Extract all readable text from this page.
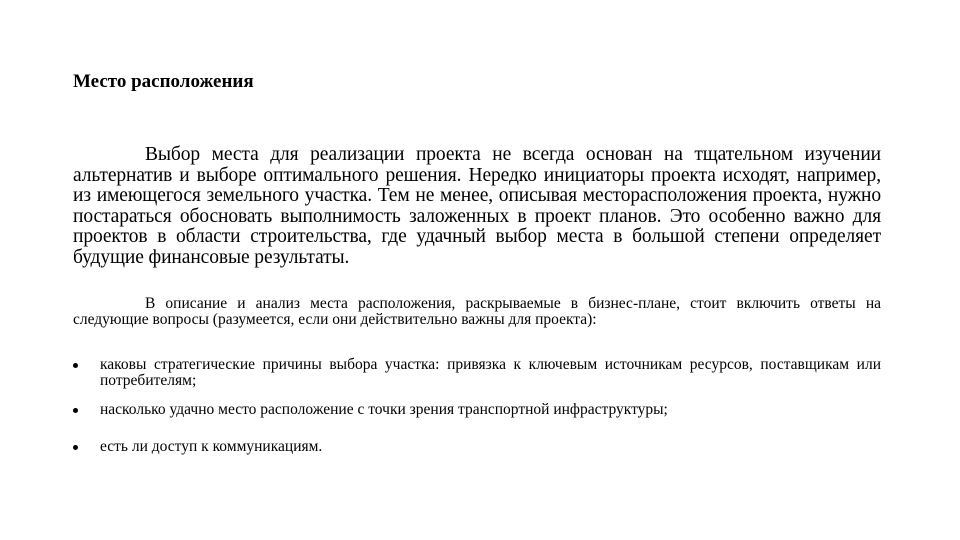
Место расположения
Выбор места для реализации проекта не всегда основан на тщательном изучении альтернатив и выборе оптимального решения. Нередко инициаторы проекта исходят, например, из имеющегося земельного участка. Тем не менее, описывая месторасположения проекта, нужно постараться обосновать выполнимость заложенных в проект планов. Это особенно важно для проектов в области строительства, где удачный выбор места в большой степени определяет будущие финансовые результаты.
В описание и анализ места расположения, раскрываемые в бизнес-плане, стоит включить ответы на следующие вопросы (разумеется, если они действительно важны для проекта):
каковы стратегические причины выбора участка: привязка к ключевым источникам ресурсов, поставщикам или потребителям;
насколько удачно место расположение с точки зрения транспортной инфраструктуры;
есть ли доступ к коммуникациям.
